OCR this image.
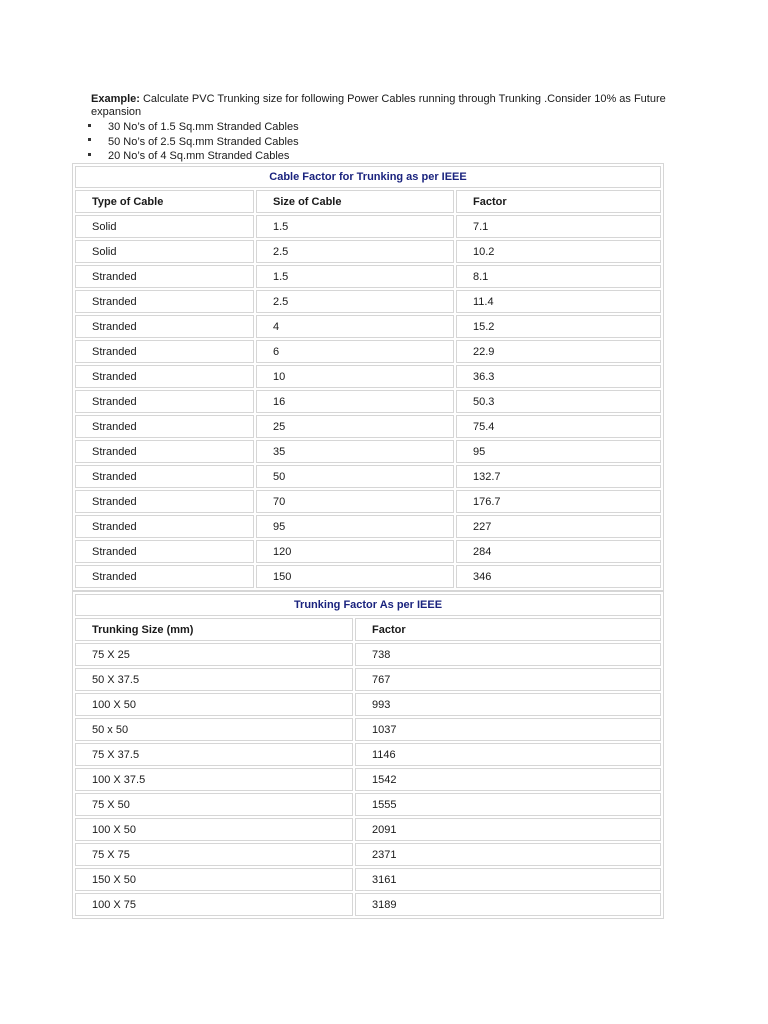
Example: Calculate PVC Trunking size for following Power Cables running through Trunking .Consider 10% as Future expansion
30 No’s of 1.5 Sq.mm Stranded Cables
50 No’s of 2.5 Sq.mm Stranded Cables
20 No’s of 4 Sq.mm Stranded Cables
Cable Factor for Trunking as per IEEE		
Type of Cable	Size of Cable	Factor
Solid	1.5	7.1
Solid	2.5	10.2
Stranded	1.5	8.1
Stranded	2.5	11.4
Stranded	4	15.2
Stranded	6	22.9
Stranded	10	36.3
Stranded	16	50.3
Stranded	25	75.4
Stranded	35	95
Stranded	50	132.7
Stranded	70	176.7
Stranded	95	227
Stranded	120	284
Stranded	150	346
Trunking Factor As per IEEE	
Trunking Size (mm)	Factor
75 X 25	738
50 X 37.5	767
100 X 50	993
50 x 50	1037
75 X 37.5	1146
100 X 37.5	1542
75 X 50	1555
100 X 50	2091
75 X 75	2371
150 X 50	3161
100 X 75	3189
